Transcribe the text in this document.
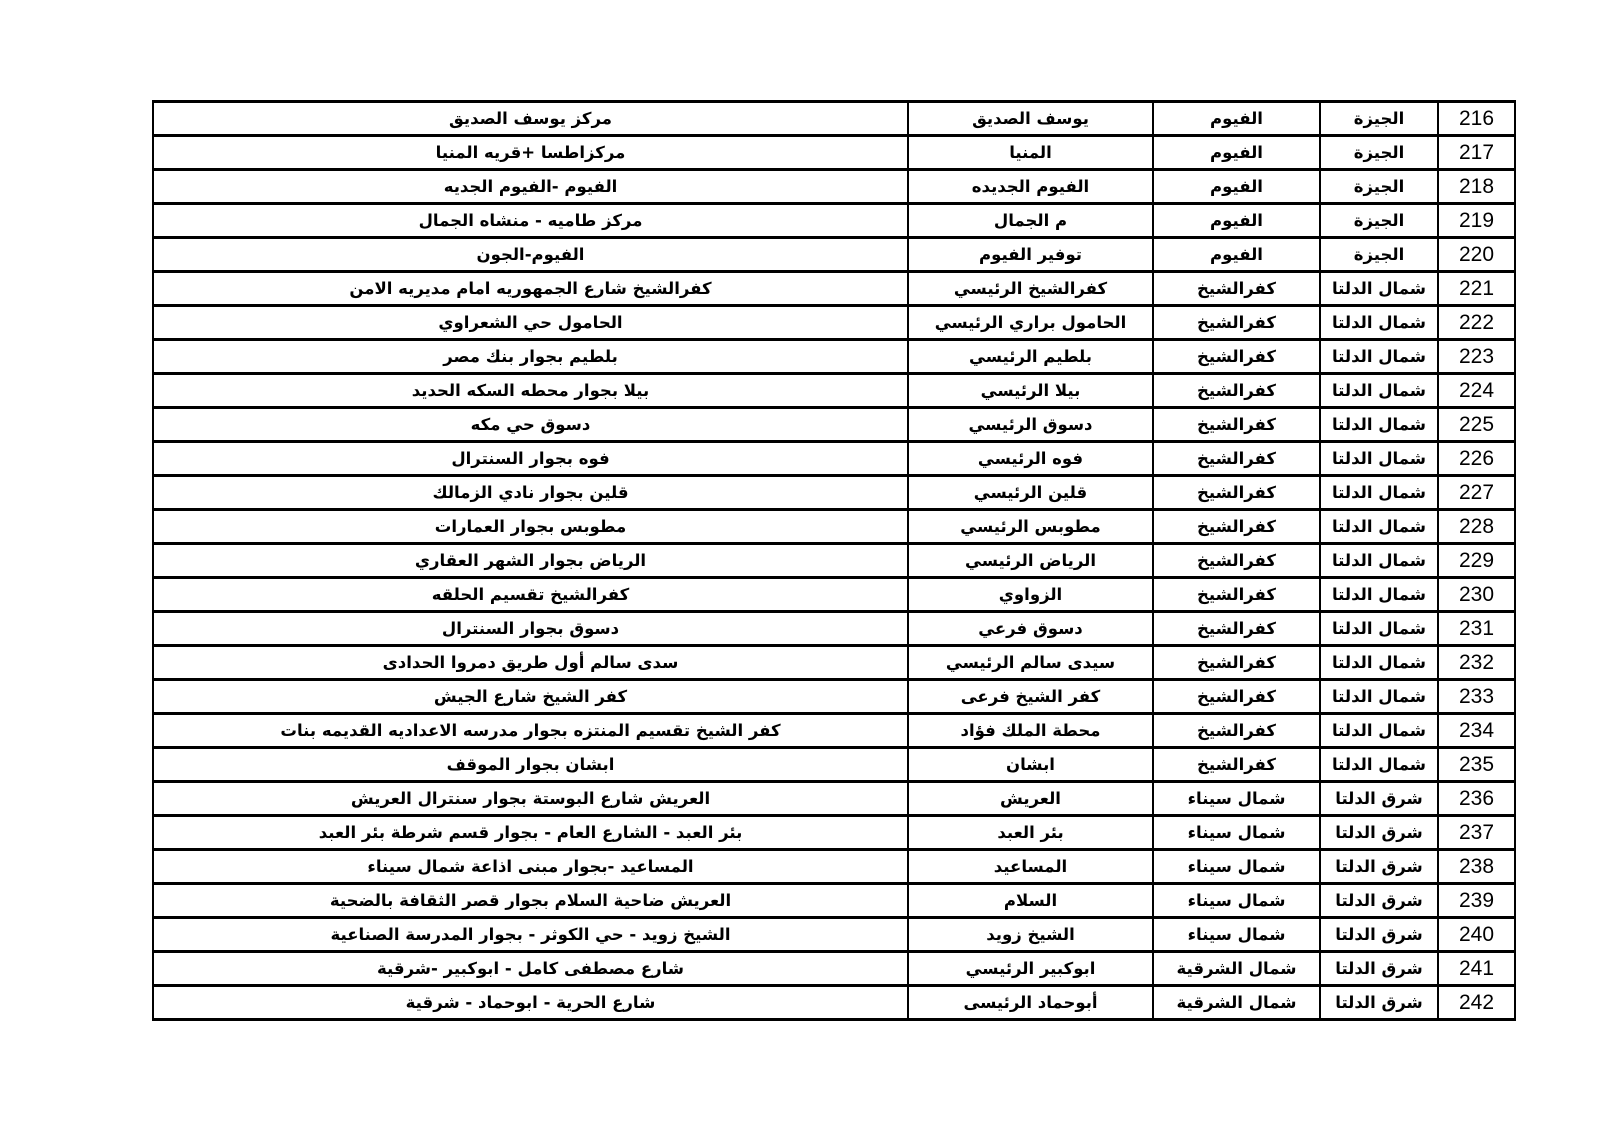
216	الجيزة	الفيوم	يوسف الصديق	مركز يوسف الصديق
217	الجيزة	الفيوم	المنيا	مركزاطسا +قريه المنيا
218	الجيزة	الفيوم	الفيوم الجديده	الفيوم -الفيوم الجديه
219	الجيزة	الفيوم	م الجمال	مركز طاميه - منشاه الجمال
220	الجيزة	الفيوم	توفير الفيوم	الفيوم-الجون
221	شمال الدلتا	كفرالشيخ	كفرالشيخ الرئيسي	كفرالشيخ شارع الجمهوريه امام مديريه الامن
222	شمال الدلتا	كفرالشيخ	الحامول براري الرئيسي	الحامول حي الشعراوي
223	شمال الدلتا	كفرالشيخ	بلطيم الرئيسي	بلطيم بجوار بنك مصر
224	شمال الدلتا	كفرالشيخ	بيلا الرئيسي	بيلا بجوار محطه السكه الحديد
225	شمال الدلتا	كفرالشيخ	دسوق الرئيسي	دسوق حي مكه
226	شمال الدلتا	كفرالشيخ	فوه الرئيسي	فوه بجوار السنترال
227	شمال الدلتا	كفرالشيخ	قلين الرئيسي	قلين بجوار نادي الزمالك
228	شمال الدلتا	كفرالشيخ	مطوبس الرئيسي	مطوبس بجوار العمارات
229	شمال الدلتا	كفرالشيخ	الرياض الرئيسي	الرياض بجوار الشهر العقاري
230	شمال الدلتا	كفرالشيخ	الزواوي	كفرالشيخ تقسيم الحلقه
231	شمال الدلتا	كفرالشيخ	دسوق فرعي	دسوق بجوار السنترال
232	شمال الدلتا	كفرالشيخ	سيدى سالم الرئيسي	سدى سالم أول طريق دمروا الحدادى
233	شمال الدلتا	كفرالشيخ	كفر الشيخ فرعى	كفر الشيخ شارع الجيش
234	شمال الدلتا	كفرالشيخ	محطة الملك فؤاد	كفر الشيخ تقسيم المنتزه بجوار مدرسه الاعداديه القديمه بنات
235	شمال الدلتا	كفرالشيخ	ابشان	ابشان بجوار الموقف
236	شرق الدلتا	شمال سيناء	العريش	العريش شارع البوستة بجوار سنترال العريش
237	شرق الدلتا	شمال سيناء	بئر العبد	بئر العبد - الشارع العام - بجوار قسم شرطة بئر العبد
238	شرق الدلتا	شمال سيناء	المساعيد	المساعيد -بجوار مبنى اذاعة شمال سيناء
239	شرق الدلتا	شمال سيناء	السلام	العريش ضاحية السلام بجوار قصر الثقافة بالضحية
240	شرق الدلتا	شمال سيناء	الشيخ زويد	الشيخ زويد - حي الكوثر - بجوار المدرسة الصناعية
241	شرق الدلتا	شمال الشرقية	ابوكبير الرئيسي	شارع مصطفى كامل - ابوكبير -شرقية
242	شرق الدلتا	شمال الشرقية	أبوحماد الرئيسى	شارع الحرية - ابوحماد - شرقية
